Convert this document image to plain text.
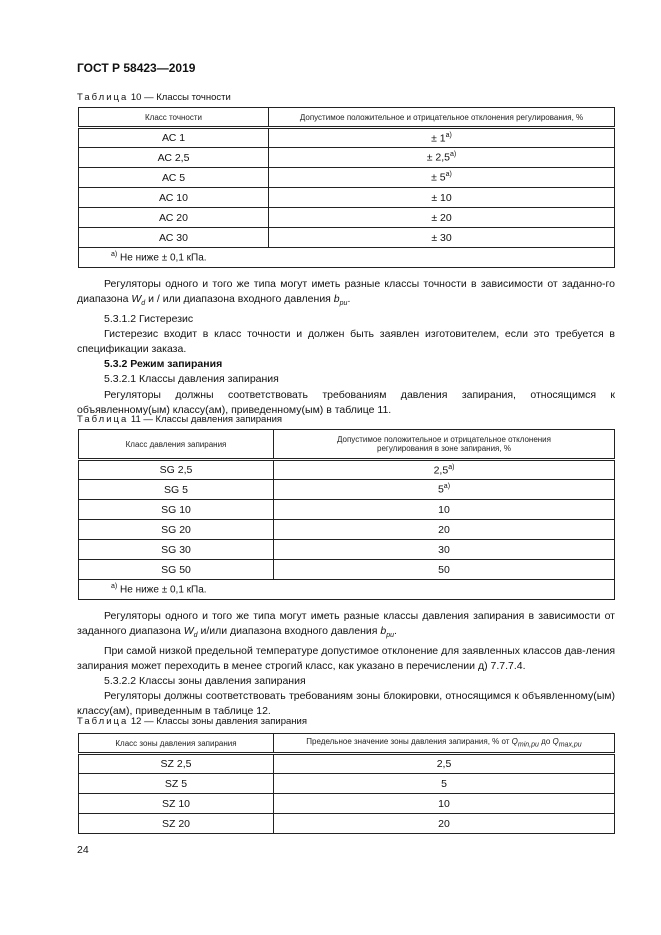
ГОСТ Р 58423—2019
Таблица 10 — Классы точности
Класс точности	Допустимое положительное и отрицательное отклонения регулирования, %
АС 1	± $1^{а)}$
АС 2,5	± $2,5^{а)}$
АС 5	± $5^{а)}$
АС 10	± 10
АС 20	± 20
АС 30	± 30
$^{а)}$ Не ниже ± 0,1 кПа.	

Регуляторы одного и того же типа могут иметь разные классы точности в зависимости от заданно-го диапазона $W_d$ и / или диапазона входного давления $b_{pu}$.

5.3.1.2 Гистерезис

Гистерезис входит в класс точности и должен быть заявлен изготовителем, если это требуется в спецификации заказа.

5.3.2 Режим запирания

5.3.2.1 Классы давления запирания

Регуляторы должны соответствовать требованиям давления запирания, относящимся к объявленному(ым) классу(ам), приведенному(ым) в таблице 11.

Таблица 11 — Классы давления запирания
Класс давления запирания	Допустимое положительное и отрицательное отклонения
регулирования в зоне запирания, %
SG 2,5	$2,5^{а)}$
SG 5	$5^{а)}$
SG 10	10
SG 20	20
SG 30	30
SG 50	50
$^{а)}$ Не ниже ± 0,1 кПа.	

Регуляторы одного и того же типа могут иметь разные классы давления запирания в зависимости от заданного диапазона $W_d$ и/или диапазона входного давления $b_{pu}$.

При самой низкой предельной температуре допустимое отклонение для заявленных классов дав-ления запирания может переходить в менее строгий класс, как указано в перечислении д) 7.7.7.4.

5.3.2.2 Классы зоны давления запирания

Регуляторы должны соответствовать требованиям зоны блокировки, относящимся к объявленному(ым) классу(ам), приведенным в таблице 12.

Таблица 12 — Классы зоны давления запирания
Класс зоны давления запирания	Предельное значение зоны давления запирания, % от $Q_{min,pu}$ до $Q_{max,pu}$
SZ 2,5	2,5
SZ 5	5
SZ 10	10
SZ 20	20
24
